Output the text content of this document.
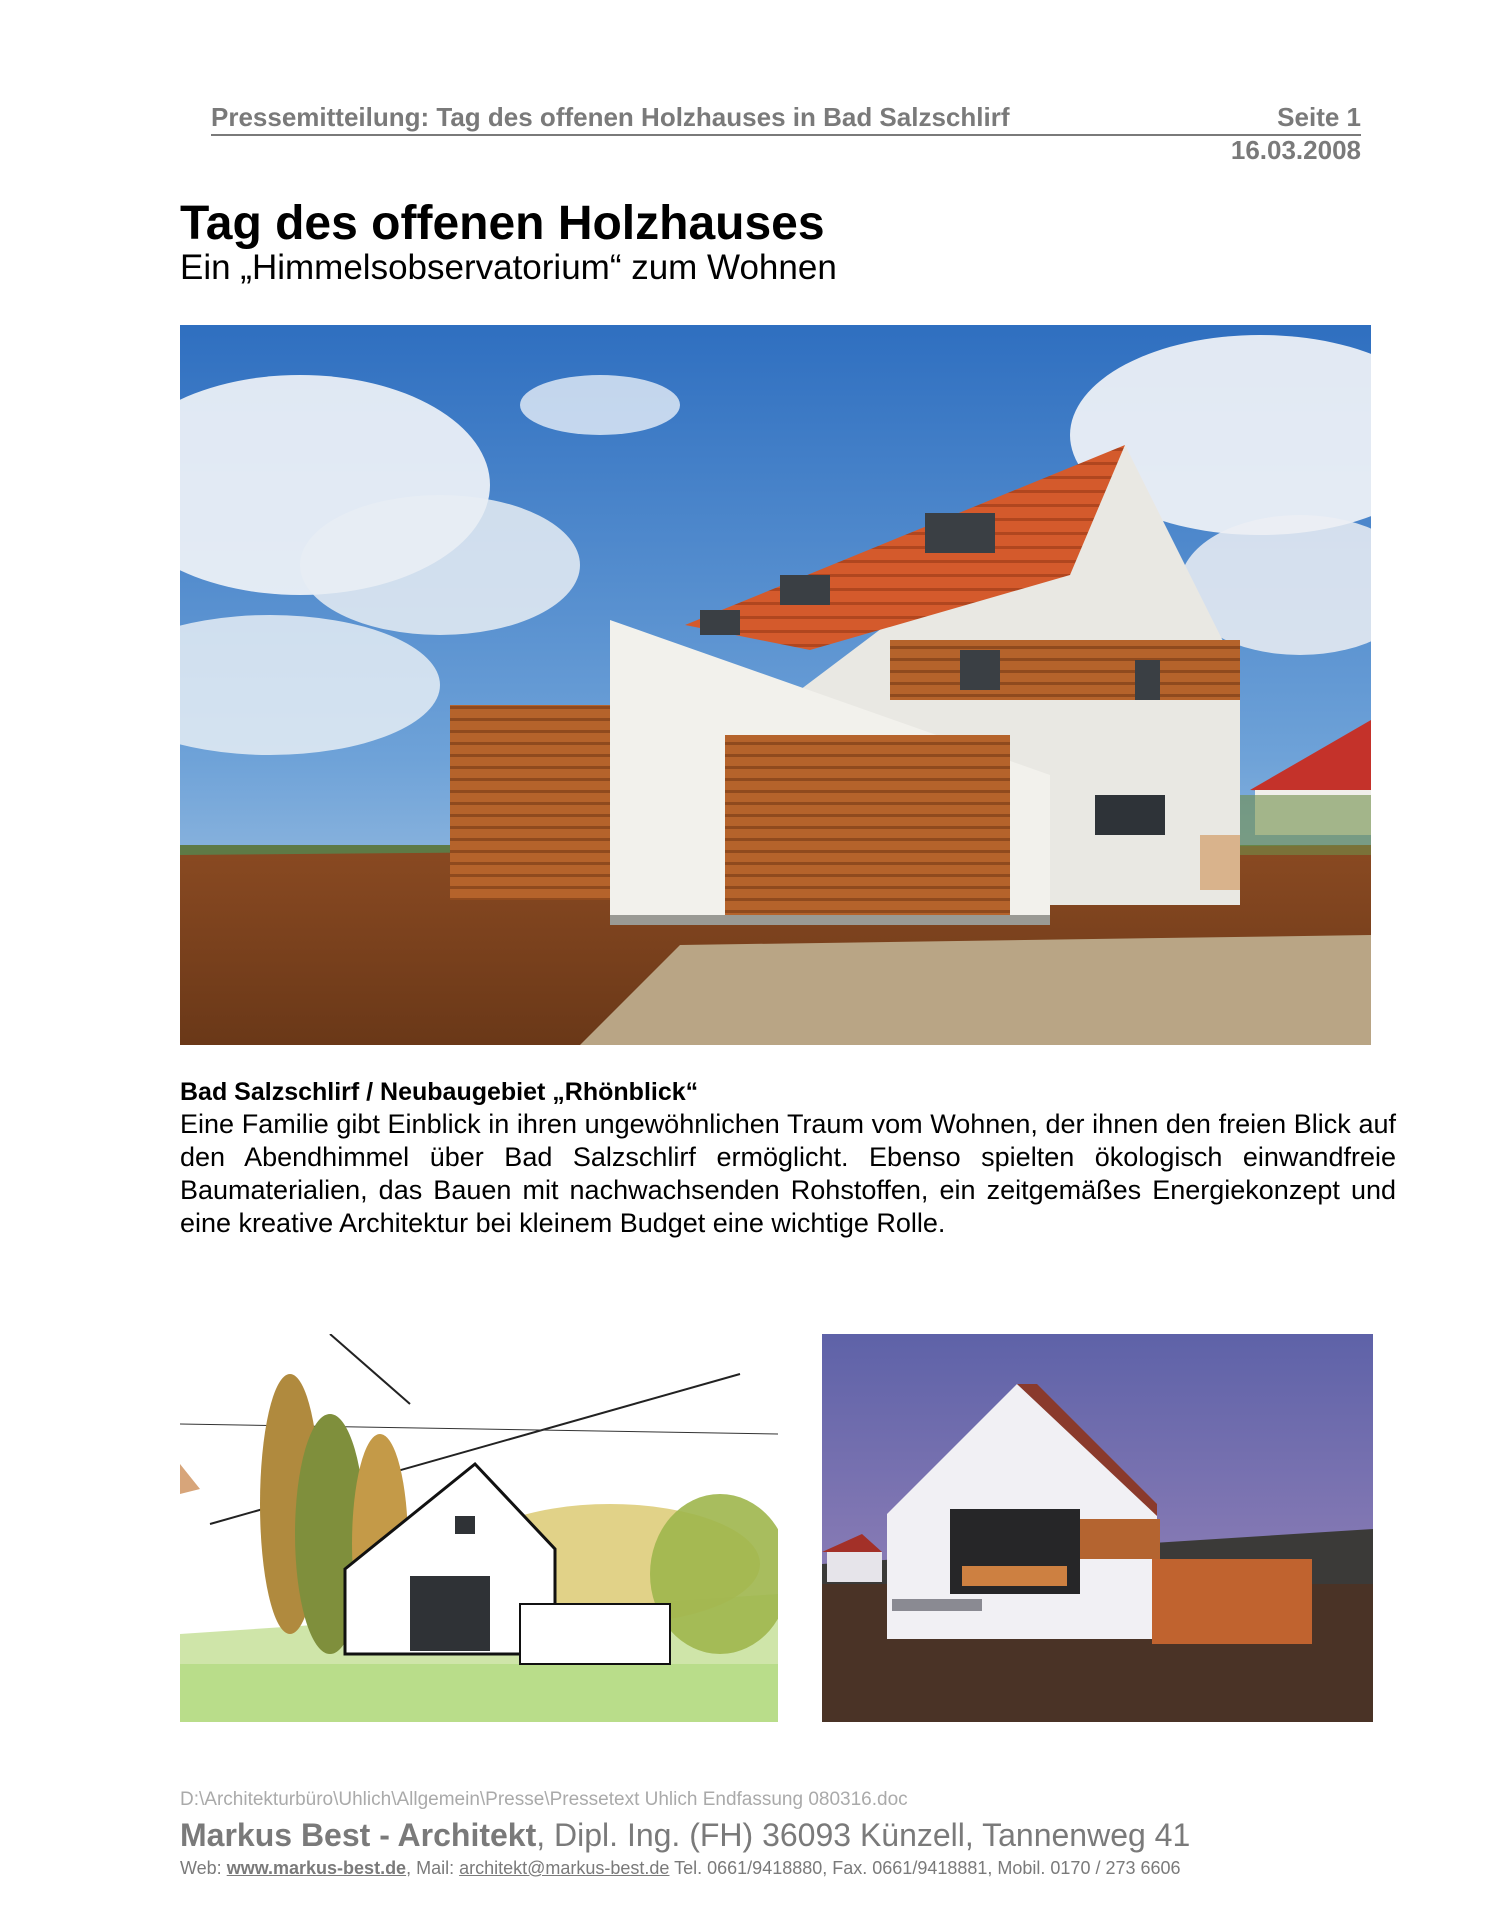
Pressemitteilung: Tag des offenen Holzhauses in Bad Salzschlirf	Seite 1
16.03.2008
Tag des offenen Holzhauses
Ein „Himmelsobservatorium“ zum Wohnen
Bad Salzschlirf / Neubaugebiet „Rhönblick“
Eine Familie gibt Einblick in ihren ungewöhnlichen Traum vom Wohnen, der ihnen den freien Blick auf den Abendhimmel über Bad Salzschlirf ermöglicht. Ebenso spielten ökologisch einwandfreie Baumaterialien, das Bauen mit nachwachsenden Rohstoffen, ein zeitgemäßes Energiekonzept und eine kreative Architektur bei kleinem Budget eine wichtige Rolle.
D:\Architekturbüro\Uhlich\Allgemein\Presse\Pressetext Uhlich Endfassung 080316.doc
Markus Best - Architekt, Dipl. Ing. (FH) 36093 Künzell, Tannenweg 41
Web: www.markus-best.de, Mail: architekt@markus-best.de Tel. 0661/9418880, Fax. 0661/9418881, Mobil. 0170 / 273 6606
